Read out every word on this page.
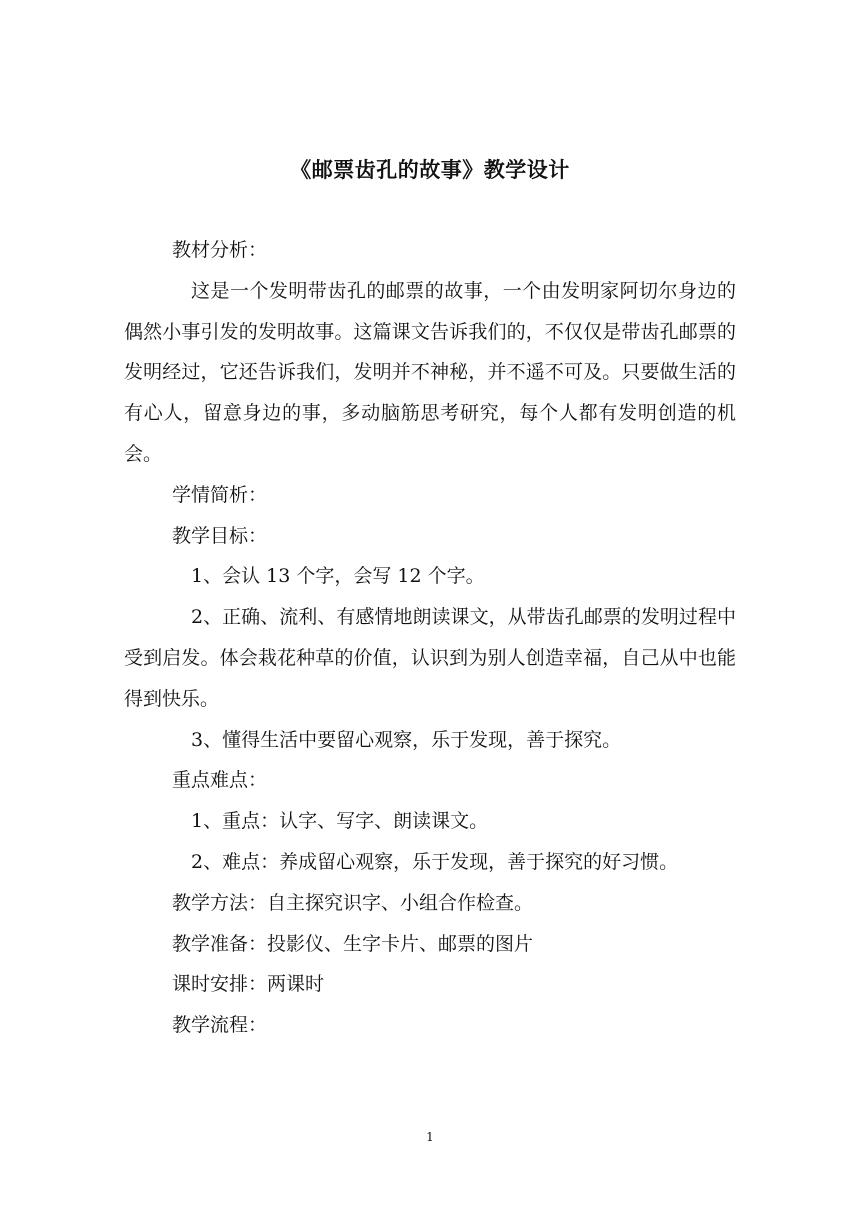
《邮票齿孔的故事》教学设计

教材分析：

这是一个发明带齿孔的邮票的故事，一个由发明家阿切尔身边的偶然小事引发的发明故事。这篇课文告诉我们的，不仅仅是带齿孔邮票的发明经过，它还告诉我们，发明并不神秘，并不遥不可及。只要做生活的有心人，留意身边的事，多动脑筋思考研究，每个人都有发明创造的机会。

学情简析：

教学目标：

1、会认 13 个字，会写 12 个字。

2、正确、流利、有感情地朗读课文，从带齿孔邮票的发明过程中受到启发。体会栽花种草的价值，认识到为别人创造幸福，自己从中也能得到快乐。

3、懂得生活中要留心观察，乐于发现，善于探究。

重点难点：

1、重点：认字、写字、朗读课文。

2、难点：养成留心观察，乐于发现，善于探究的好习惯。

教学方法：自主探究识字、小组合作检查。

教学准备：投影仪、生字卡片、邮票的图片

课时安排：两课时

教学流程：

1
